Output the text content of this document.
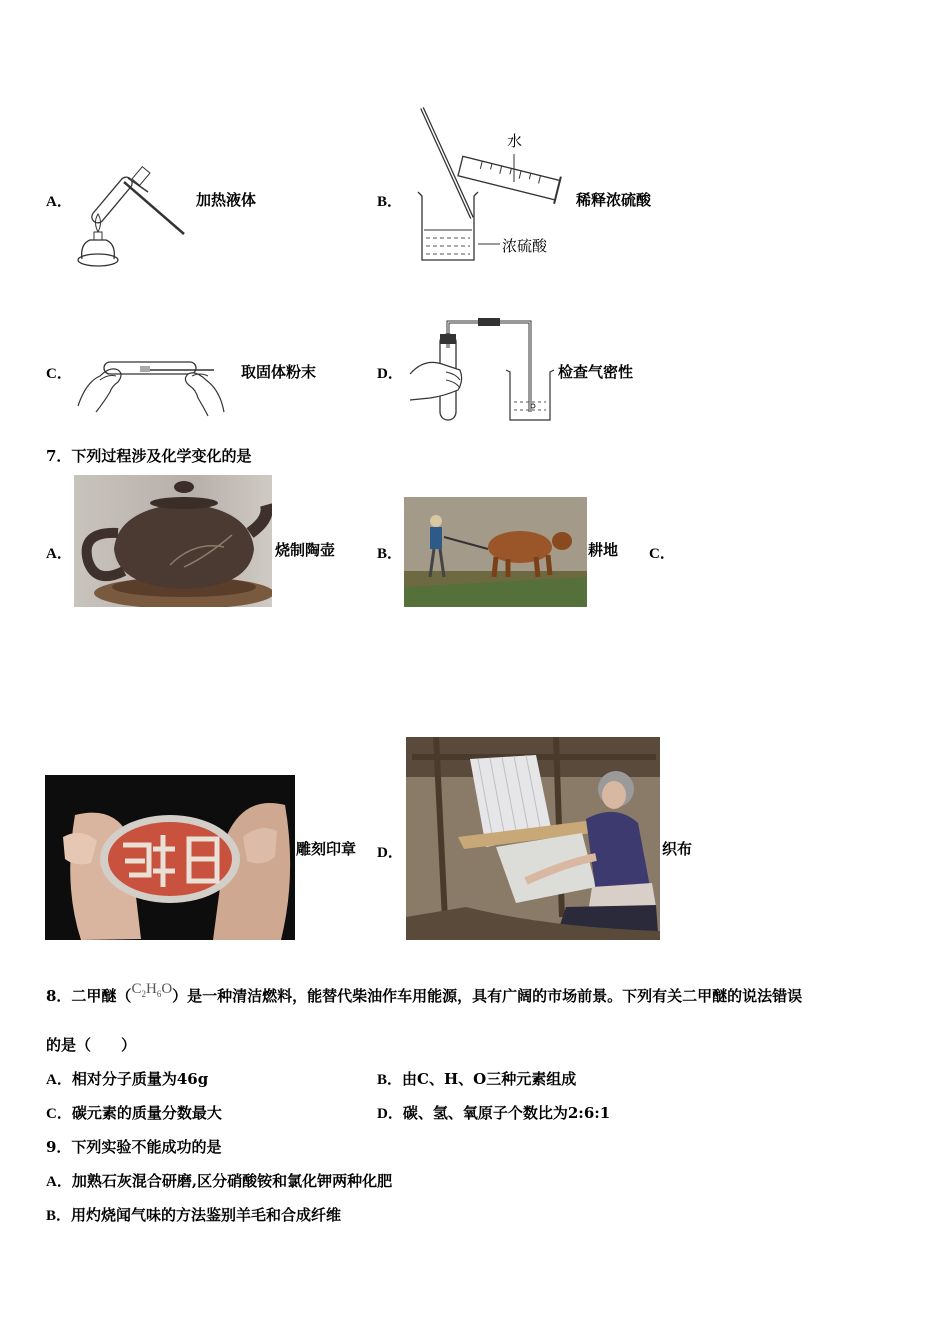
A．	加热液体	B．
水
浓硫酸
稀释浓硫酸
C．	取固体粉末	D．	检查气密性
7．下列过程涉及化学变化的是
A．	烧制陶壶	B．	耕地 C．
雕刻印章 D．	织布
8．二甲醚$(C_2H_6O)$是一种清洁燃料，能替代柴油作车用能源，具有广阔的市场前景。下列有关二甲醚的说法错误
的是（　　）
A．相对分子质量为46g	B．由C、H、O三种元素组成
C．碳元素的质量分数最大	D．碳、氢、氧原子个数比为2:6:1
9．下列实验不能成功的是
A．加熟石灰混合研磨,区分硝酸铵和氯化钾两种化肥
B．用灼烧闻气味的方法鉴别羊毛和合成纤维
